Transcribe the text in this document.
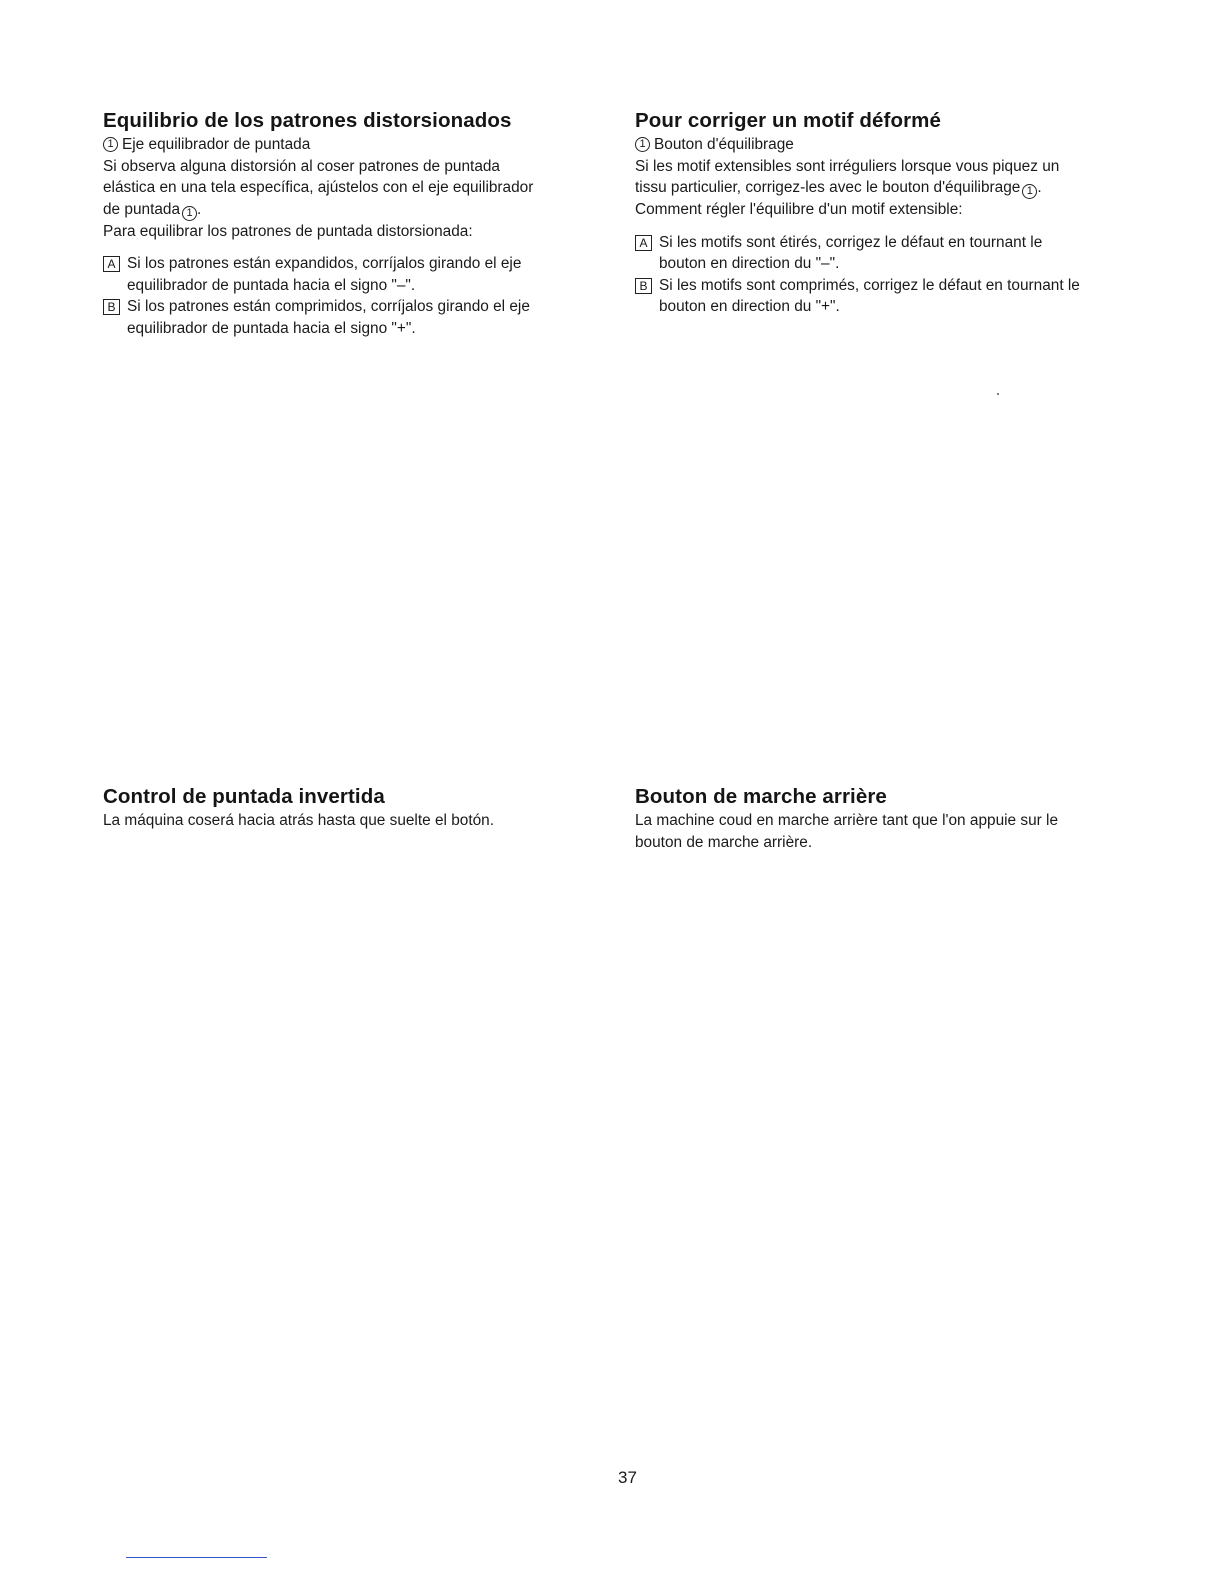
Equilibrio de los patrones distorsionados

1 Eje equilibrador de puntada

Si observa alguna distorsión al coser patrones de puntada

elástica en una tela específica, ajústelos con el eje equilibrador

de puntada 1 .

Para equilibrar los patrones de puntada distorsionada:

A Si los patrones están expandidos, corríjalos girando el eje

equilibrador de puntada hacia el signo "–".

B Si los patrones están comprimidos, corríjalos girando el eje

equilibrador de puntada hacia el signo "+".

Pour corriger un motif déformé

1 Bouton d'équilibrage

Si les motif extensibles sont irréguliers lorsque vous piquez un

tissu particulier, corrigez-les avec le bouton d'équilibrage 1 .

Comment régler l'équilibre d'un motif extensible:

A Si les motifs sont étirés, corrigez le défaut en tournant le

bouton en direction du "–".

B Si les motifs sont comprimés, corrigez le défaut en tournant le

bouton en direction du "+".

Control de puntada invertida

La máquina coserá hacia atrás hasta que suelte el botón.

Bouton de marche arrière

La machine coud en marche arrière tant que l'on appuie sur le

bouton de marche arrière.

37
